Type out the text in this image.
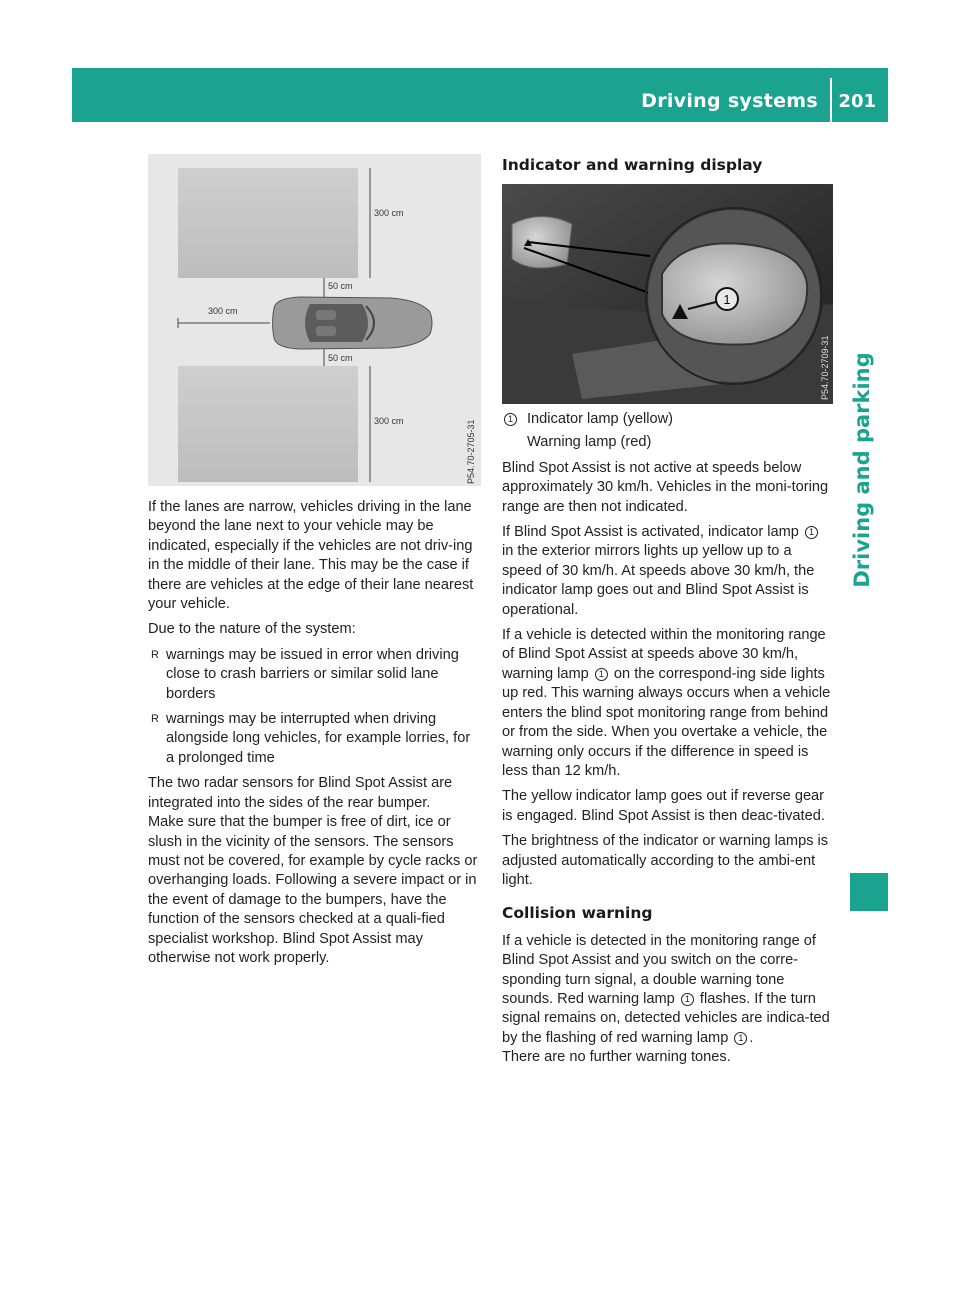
Driving systems 201
Driving and parking
300 cm
50 cm
300 cm
50 cm
300 cm	P54.70-2705-31

If the lanes are narrow, vehicles driving in the lane beyond the lane next to your vehicle may be indicated, especially if the vehicles are not driv-ing in the middle of their lane. This may be the case if there are vehicles at the edge of their lane nearest your vehicle.

Due to the nature of the system:

R warnings may be issued in error when driving close to crash barriers or similar solid lane borders
R warnings may be interrupted when driving alongside long vehicles, for example lorries, for a prolonged time

The two radar sensors for Blind Spot Assist are integrated into the sides of the rear bumper.

Make sure that the bumper is free of dirt, ice or slush in the vicinity of the sensors. The sensors must not be covered, for example by cycle racks or overhanging loads. Following a severe impact or in the event of damage to the bumpers, have the function of the sensors checked at a quali-fied specialist workshop. Blind Spot Assist may otherwise not work properly.

Indicator and warning display
1
P54.70-2709-31
1 Indicator lamp (yellow)
Warning lamp (red)

Blind Spot Assist is not active at speeds below approximately 30 km/h. Vehicles in the moni-toring range are then not indicated.

If Blind Spot Assist is activated, indicator lamp 1 in the exterior mirrors lights up yellow up to a speed of 30 km/h. At speeds above 30 km/h, the indicator lamp goes out and Blind Spot Assist is operational.

If a vehicle is detected within the monitoring range of Blind Spot Assist at speeds above 30 km/h, warning lamp 1 on the correspond-ing side lights up red. This warning always occurs when a vehicle enters the blind spot monitoring range from behind or from the side. When you overtake a vehicle, the warning only occurs if the difference in speed is less than 12 km/h.

The yellow indicator lamp goes out if reverse gear is engaged. Blind Spot Assist is then deac-tivated.

The brightness of the indicator or warning lamps is adjusted automatically according to the ambi-ent light.

Collision warning

If a vehicle is detected in the monitoring range of Blind Spot Assist and you switch on the corre-sponding turn signal, a double warning tone sounds. Red warning lamp 1 flashes. If the turn signal remains on, detected vehicles are indica-ted by the flashing of red warning lamp 1 .

There are no further warning tones.
